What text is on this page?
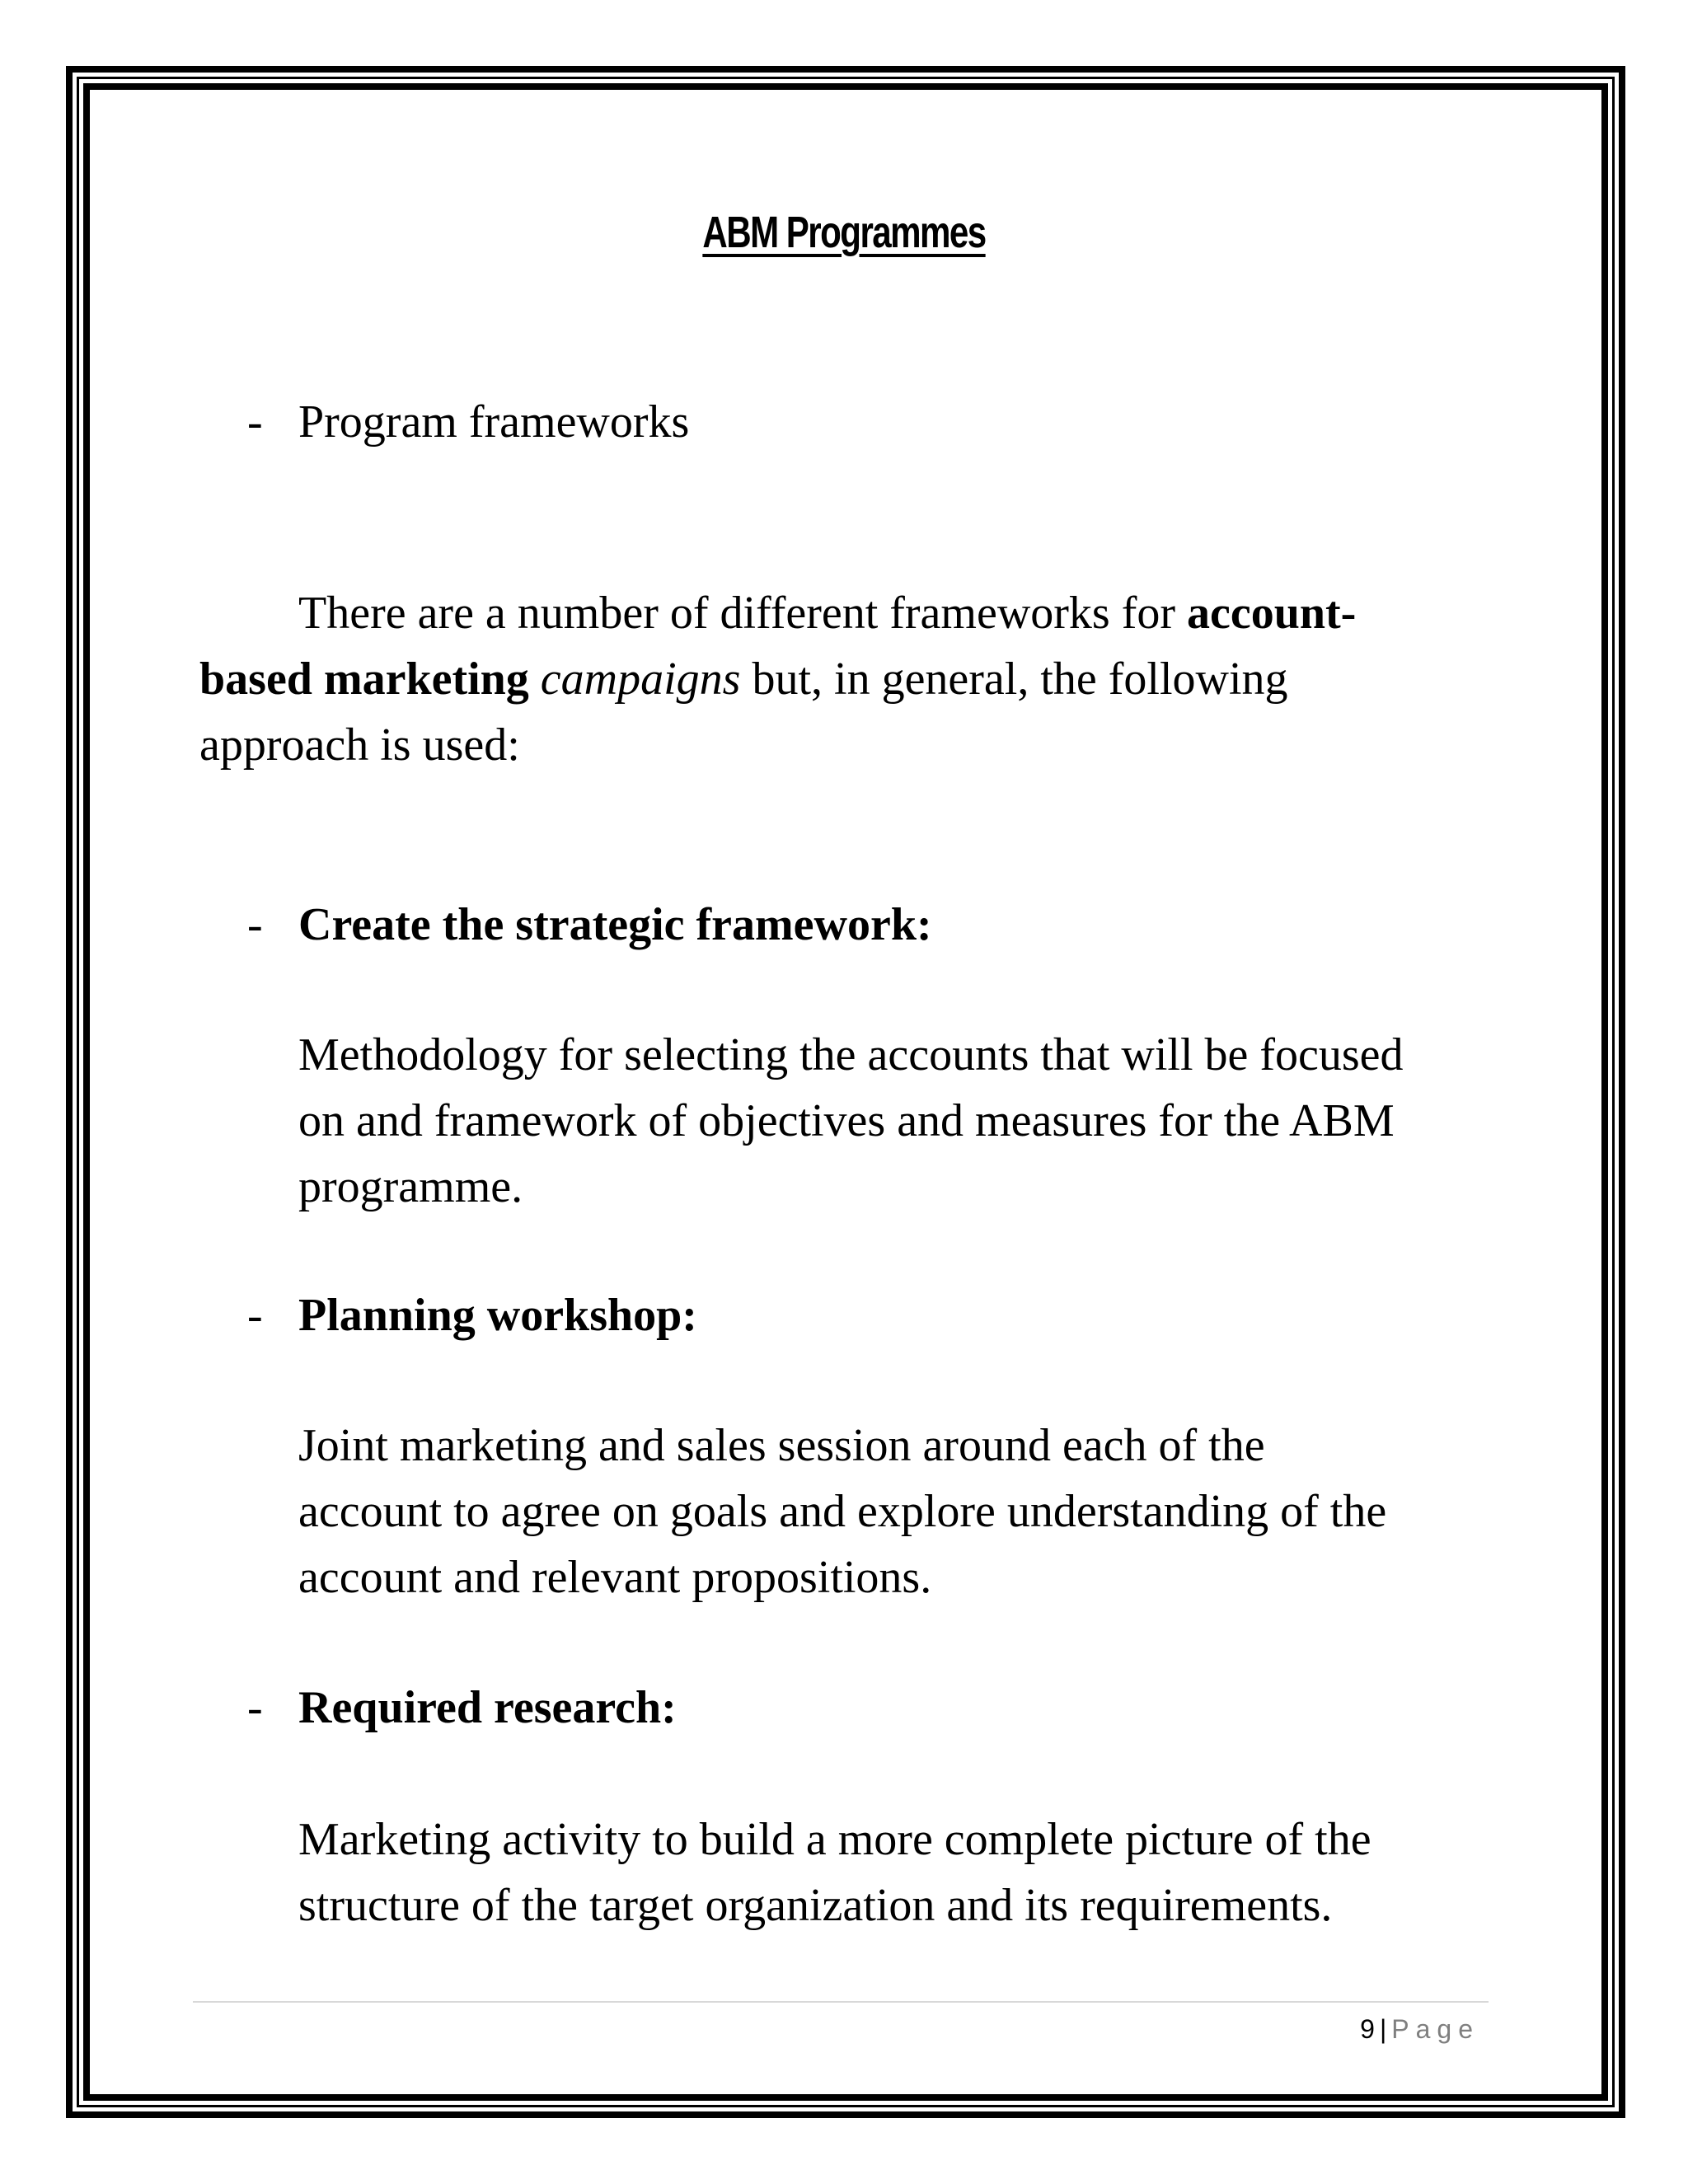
ABM Programmes
- Program frameworks
There are a number of different frameworks for account-
based marketing campaigns but, in general, the following
approach is used:
- Create the strategic framework:
Methodology for selecting the accounts that will be focused
on and framework of objectives and measures for the ABM
programme.
- Planning workshop:
Joint marketing and sales session around each of the
account to agree on goals and explore understanding of the
account and relevant propositions.
- Required research:
Marketing activity to build a more complete picture of the
structure of the target organization and its requirements.
9 | Page
